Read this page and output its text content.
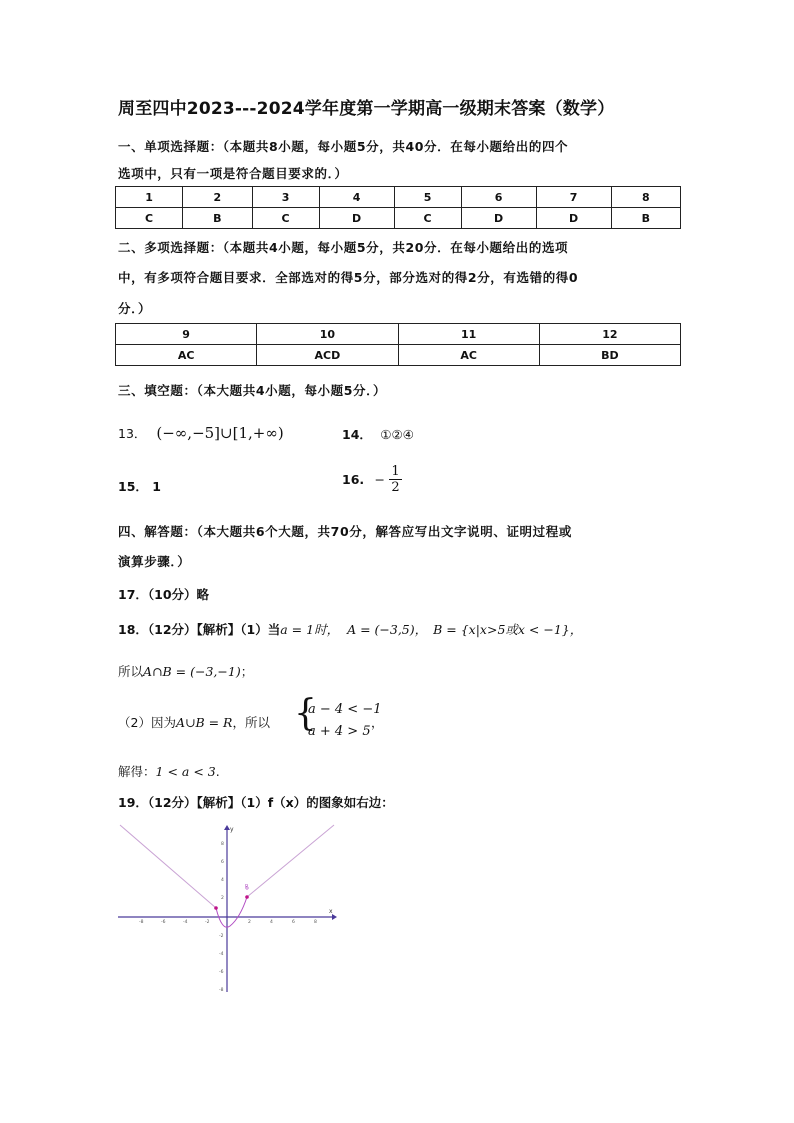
周至四中2023---2024学年度第一学期高一级期末答案（数学）
一、单项选择题：（本题共8小题，每小题5分，共40分．在每小题给出的四个
选项中，只有一项是符合题目要求的．）
1	2	3	4	5	6	7	8
C	B	C	D	C	D	D	B
二、多项选择题：（本题共4小题，每小题5分，共20分．在每小题给出的选项
中，有多项符合题目要求．全部选对的得5分，部分选对的得2分，有选错的得0
分．）
9	10	11	12
AC	ACD	AC	BD
三、填空题：（本大题共4小题，每小题5分．）
13． (−∞,−5]∪[1,+∞)	14． ①②④
15． 1	16. − $\frac{1}{2}$
四、解答题：（本大题共6个大题，共70分，解答应写出文字说明、证明过程或
演算步骤．）
17．（10分）略
18．（12分）【解析】（1）当a = 1时， A = (−3,5)， B = {x|x>5或x < −1}，
所以A∩B = (−3,−1)；
（2）因为A∪B = R，所以 {
a − 4 < −1
a + 4 > 5
，
解得：1 < a < 3.
19．（12分）【解析】（1）f（x）的图象如右边：
x
y
-8	-6	-4	-2	2	4	6	8
8
6
4
2
-2
-4
-6
-8
P
